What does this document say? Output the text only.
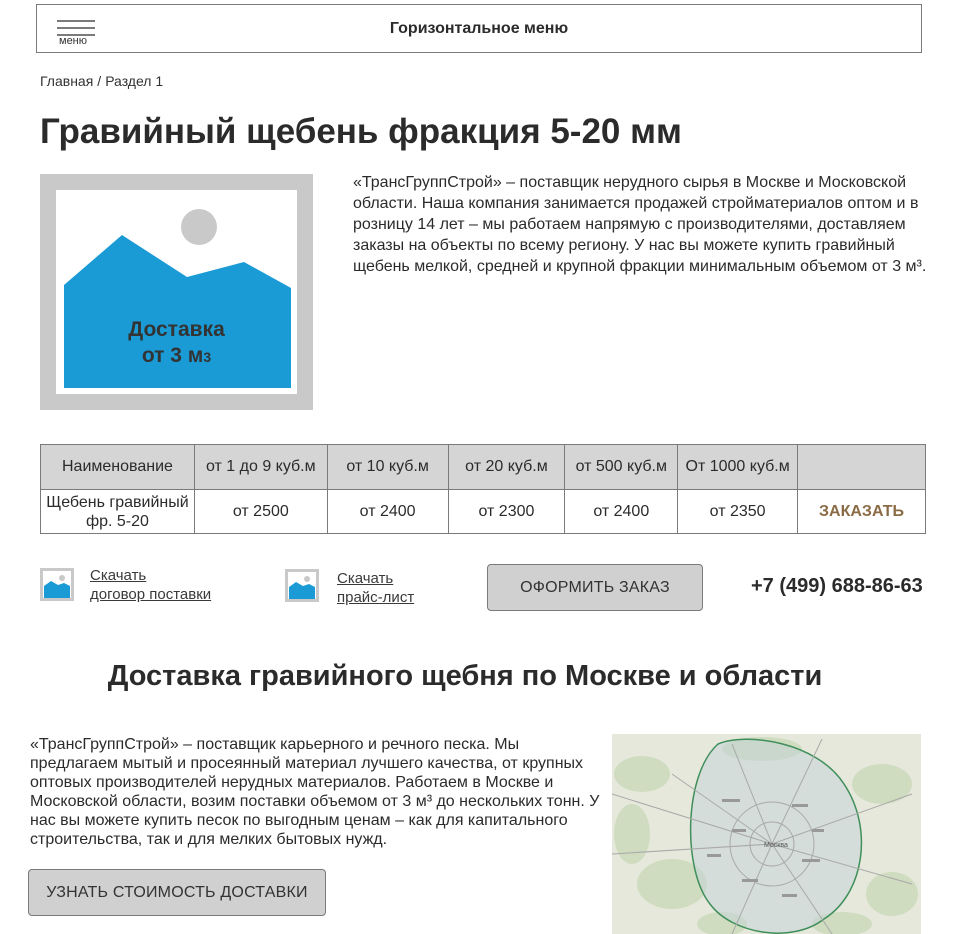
меню
Горизонтальное меню
Главная / Раздел 1
Гравийный щебень фракция 5-20 мм
Доставка
от 3 м3

«ТрансГруппСтрой» – поставщик нерудного сырья в Москве и Московской области. Наша компания занимается продажей стройматериалов оптом и в розницу 14 лет – мы работаем напрямую с производителями, доставляем заказы на объекты по всему региону. У нас вы можете купить гравийный щебень мелкой, средней и крупной фракции минимальным объемом от 3 м³.

Наименование	от 1 до 9 куб.м	от 10 куб.м	от 20 куб.м	от 500 куб.м	От 1000 куб.м	
Щебень гравийный фр. 5-20	от 2500	от 2400	от 2300	от 2400	от 2350	ЗАКАЗАТЬ
Скачать
договор поставки
Скачать
прайс-лист
ОФОРМИТЬ ЗАКАЗ	+7 (499) 688-86-63
Доставка гравийного щебня по Москве и области

«ТрансГруппСтрой» – поставщик карьерного и речного песка. Мы предлагаем мытый и просеянный материал лучшего качества, от крупных оптовых производителей нерудных материалов. Работаем в Москве и Московской области, возим поставки объемом от 3 м³ до нескольких тонн. У нас вы можете купить песок по выгодным ценам – как для капитального строительства, так и для мелких бытовых нужд.

УЗНАТЬ СТОИМОСТЬ ДОСТАВКИ
Москва
